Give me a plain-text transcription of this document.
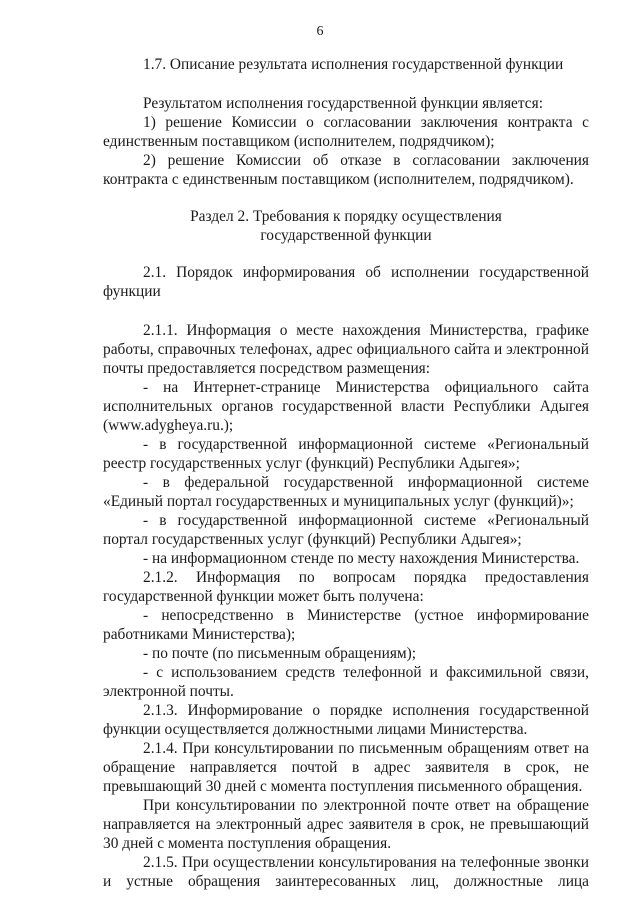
6

1.7. Описание результата исполнения государственной функции

Результатом исполнения государственной функции является:

1) решение Комиссии о согласовании заключения контракта с единственным поставщиком (исполнителем, подрядчиком);

2) решение Комиссии об отказе в согласовании заключения контракта с единственным поставщиком (исполнителем, подрядчиком).

Раздел 2. Требования к порядку осуществления

государственной функции

2.1. Порядок информирования об исполнении государственной функции

2.1.1. Информация о месте нахождения Министерства, графике работы, справочных телефонах, адрес официального сайта и электронной почты предоставляется посредством размещения:

- на Интернет-странице Министерства официального сайта исполнительных органов государственной власти Республики Адыгея (www.adygheya.ru.);

- в государственной информационной системе «Региональный реестр государственных услуг (функций) Республики Адыгея»;

- в федеральной государственной информационной системе «Единый портал государственных и муниципальных услуг (функций)»;

- в государственной информационной системе «Региональный портал государственных услуг (функций) Республики Адыгея»;

- на информационном стенде по месту нахождения Министерства.

2.1.2. Информация по вопросам порядка предоставления государственной функции может быть получена:

- непосредственно в Министерстве (устное информирование работниками Министерства);

- по почте (по письменным обращениям);

- с использованием средств телефонной и факсимильной связи, электронной почты.

2.1.3. Информирование о порядке исполнения государственной функции осуществляется должностными лицами Министерства.

2.1.4. При консультировании по письменным обращениям ответ на обращение направляется почтой в адрес заявителя в срок, не превышающий 30 дней с момента поступления письменного обращения.

При консультировании по электронной почте ответ на обращение направляется на электронный адрес заявителя в срок, не превышающий 30 дней с момента поступления обращения.

2.1.5. При осуществлении консультирования на телефонные звонки и устные обращения заинтересованных лиц, должностные лица
